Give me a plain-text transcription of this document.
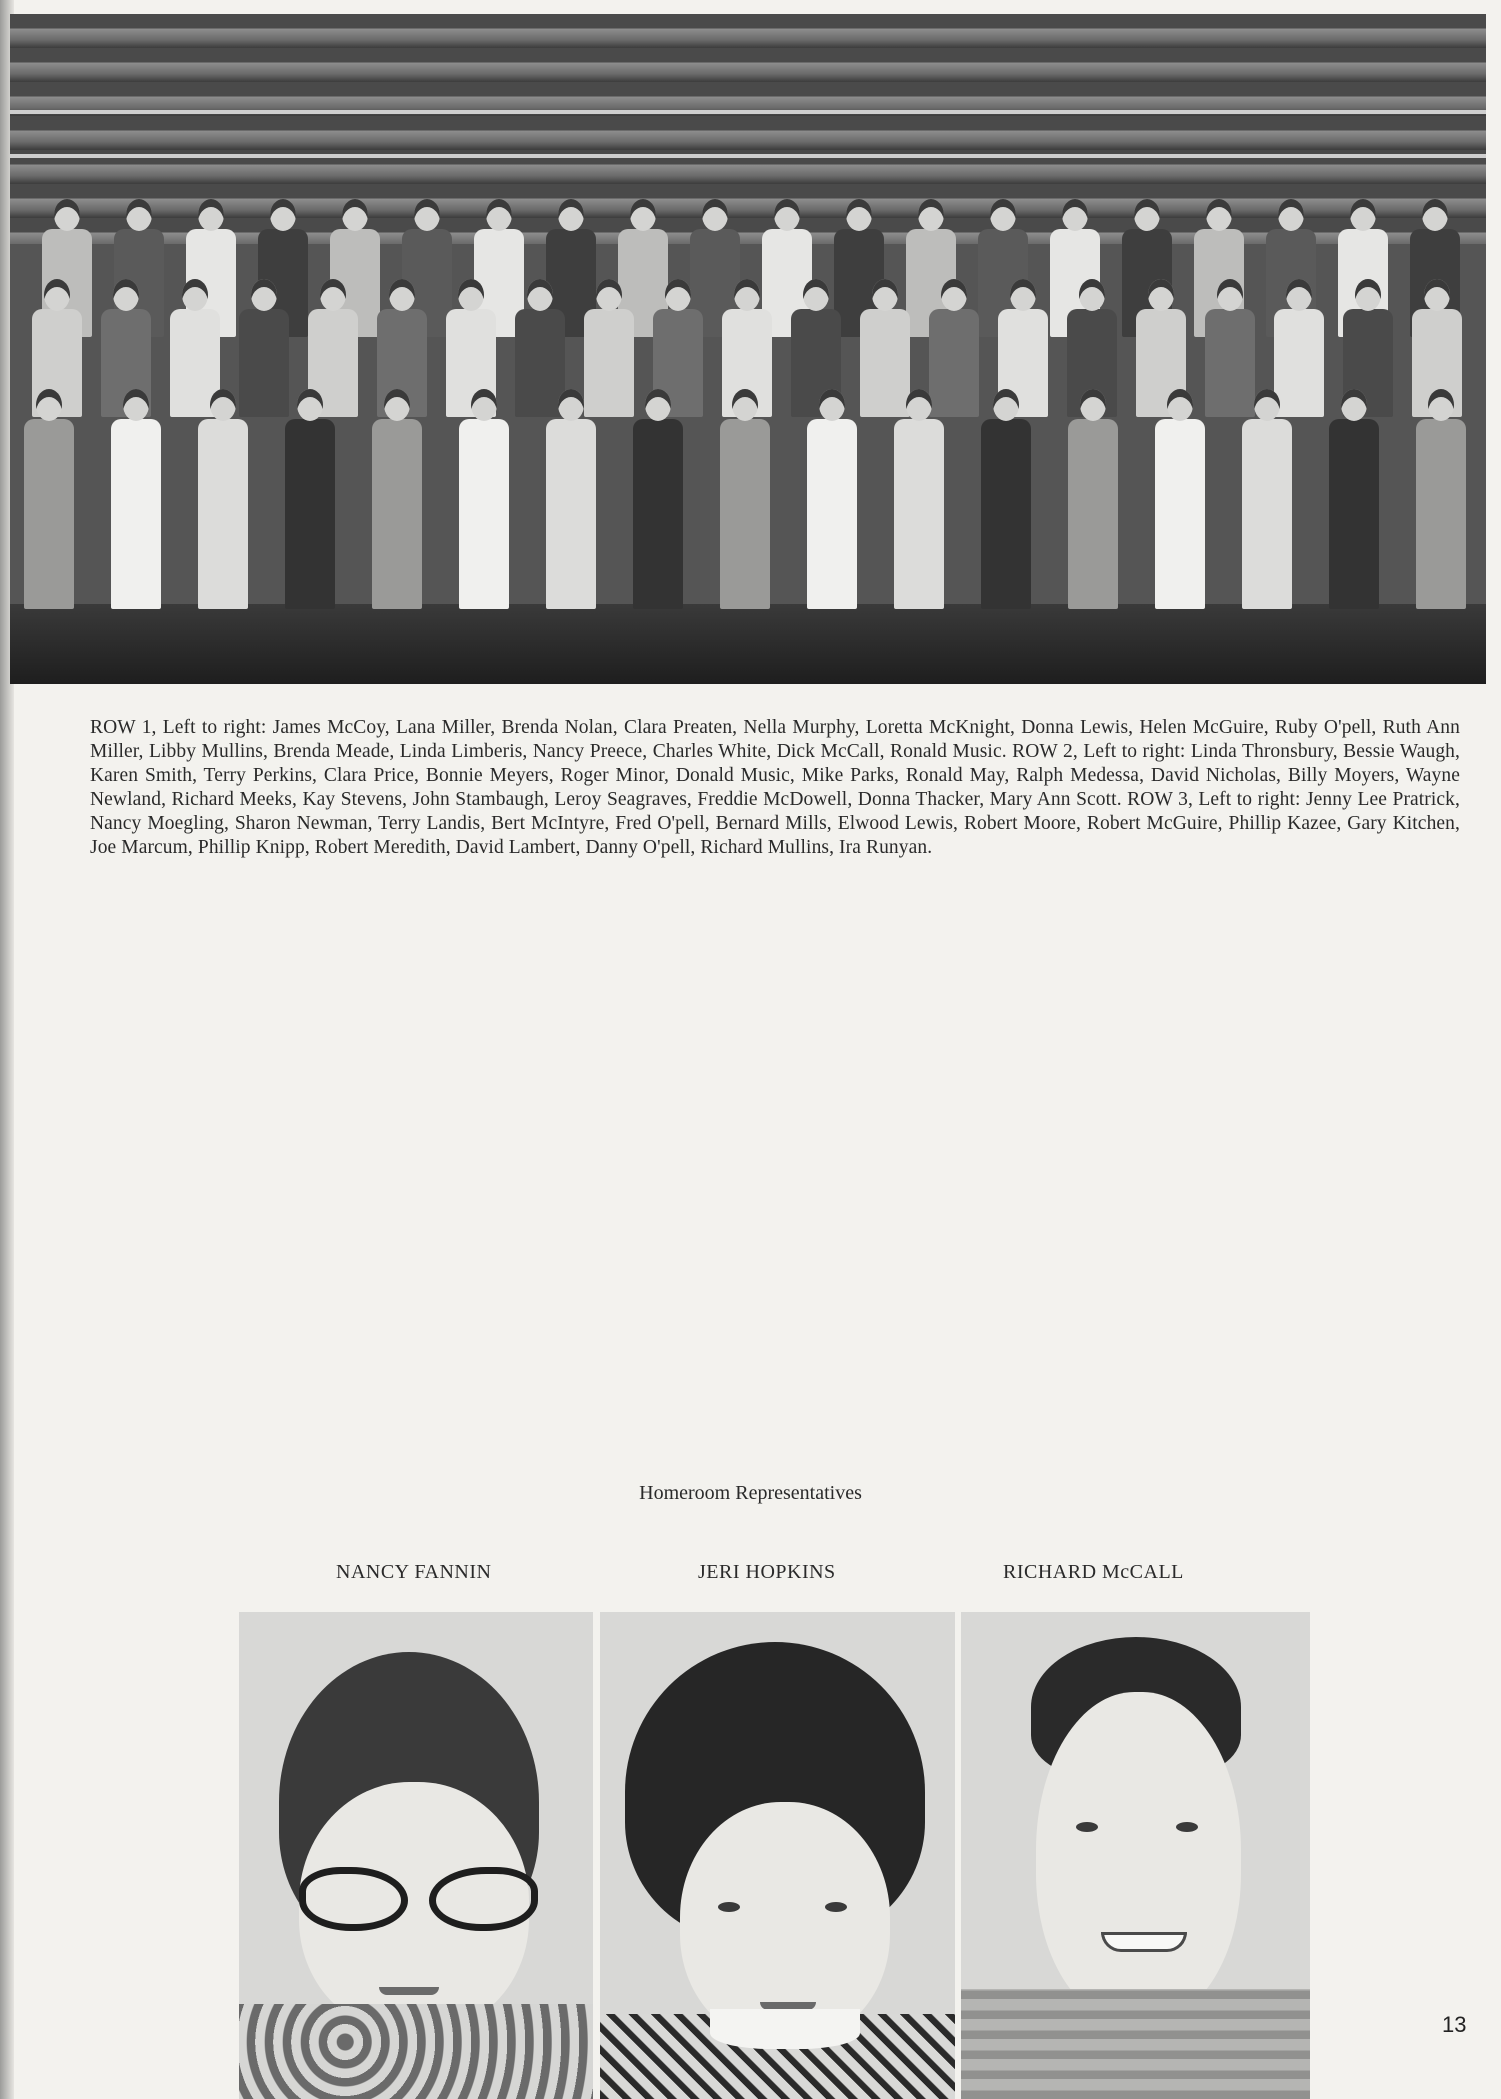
ROW 1, Left to right: James McCoy, Lana Miller, Brenda Nolan, Clara Preaten, Nella Murphy, Loretta McKnight, Donna Lewis, Helen McGuire, Ruby O'pell, Ruth Ann Miller, Libby Mullins, Brenda Meade, Linda Limberis, Nancy Preece, Charles White, Dick McCall, Ronald Music. ROW 2, Left to right: Linda Thronsbury, Bessie Waugh, Karen Smith, Terry Perkins, Clara Price, Bonnie Meyers, Roger Minor, Donald Music, Mike Parks, Ronald May, Ralph Medessa, David Nicholas, Billy Moyers, Wayne Newland, Richard Meeks, Kay Stevens, John Stambaugh, Leroy Seagraves, Freddie McDowell, Donna Thacker, Mary Ann Scott. ROW 3, Left to right: Jenny Lee Pratrick, Nancy Moegling, Sharon Newman, Terry Landis, Bert McIntyre, Fred O'pell, Bernard Mills, Elwood Lewis, Robert Moore, Robert McGuire, Phillip Kazee, Gary Kitchen, Joe Marcum, Phillip Knipp, Robert Meredith, David Lambert, Danny O'pell, Richard Mullins, Ira Runyan.
Homeroom Representatives
NANCY FANNIN	JERI HOPKINS	RICHARD McCALL
13
